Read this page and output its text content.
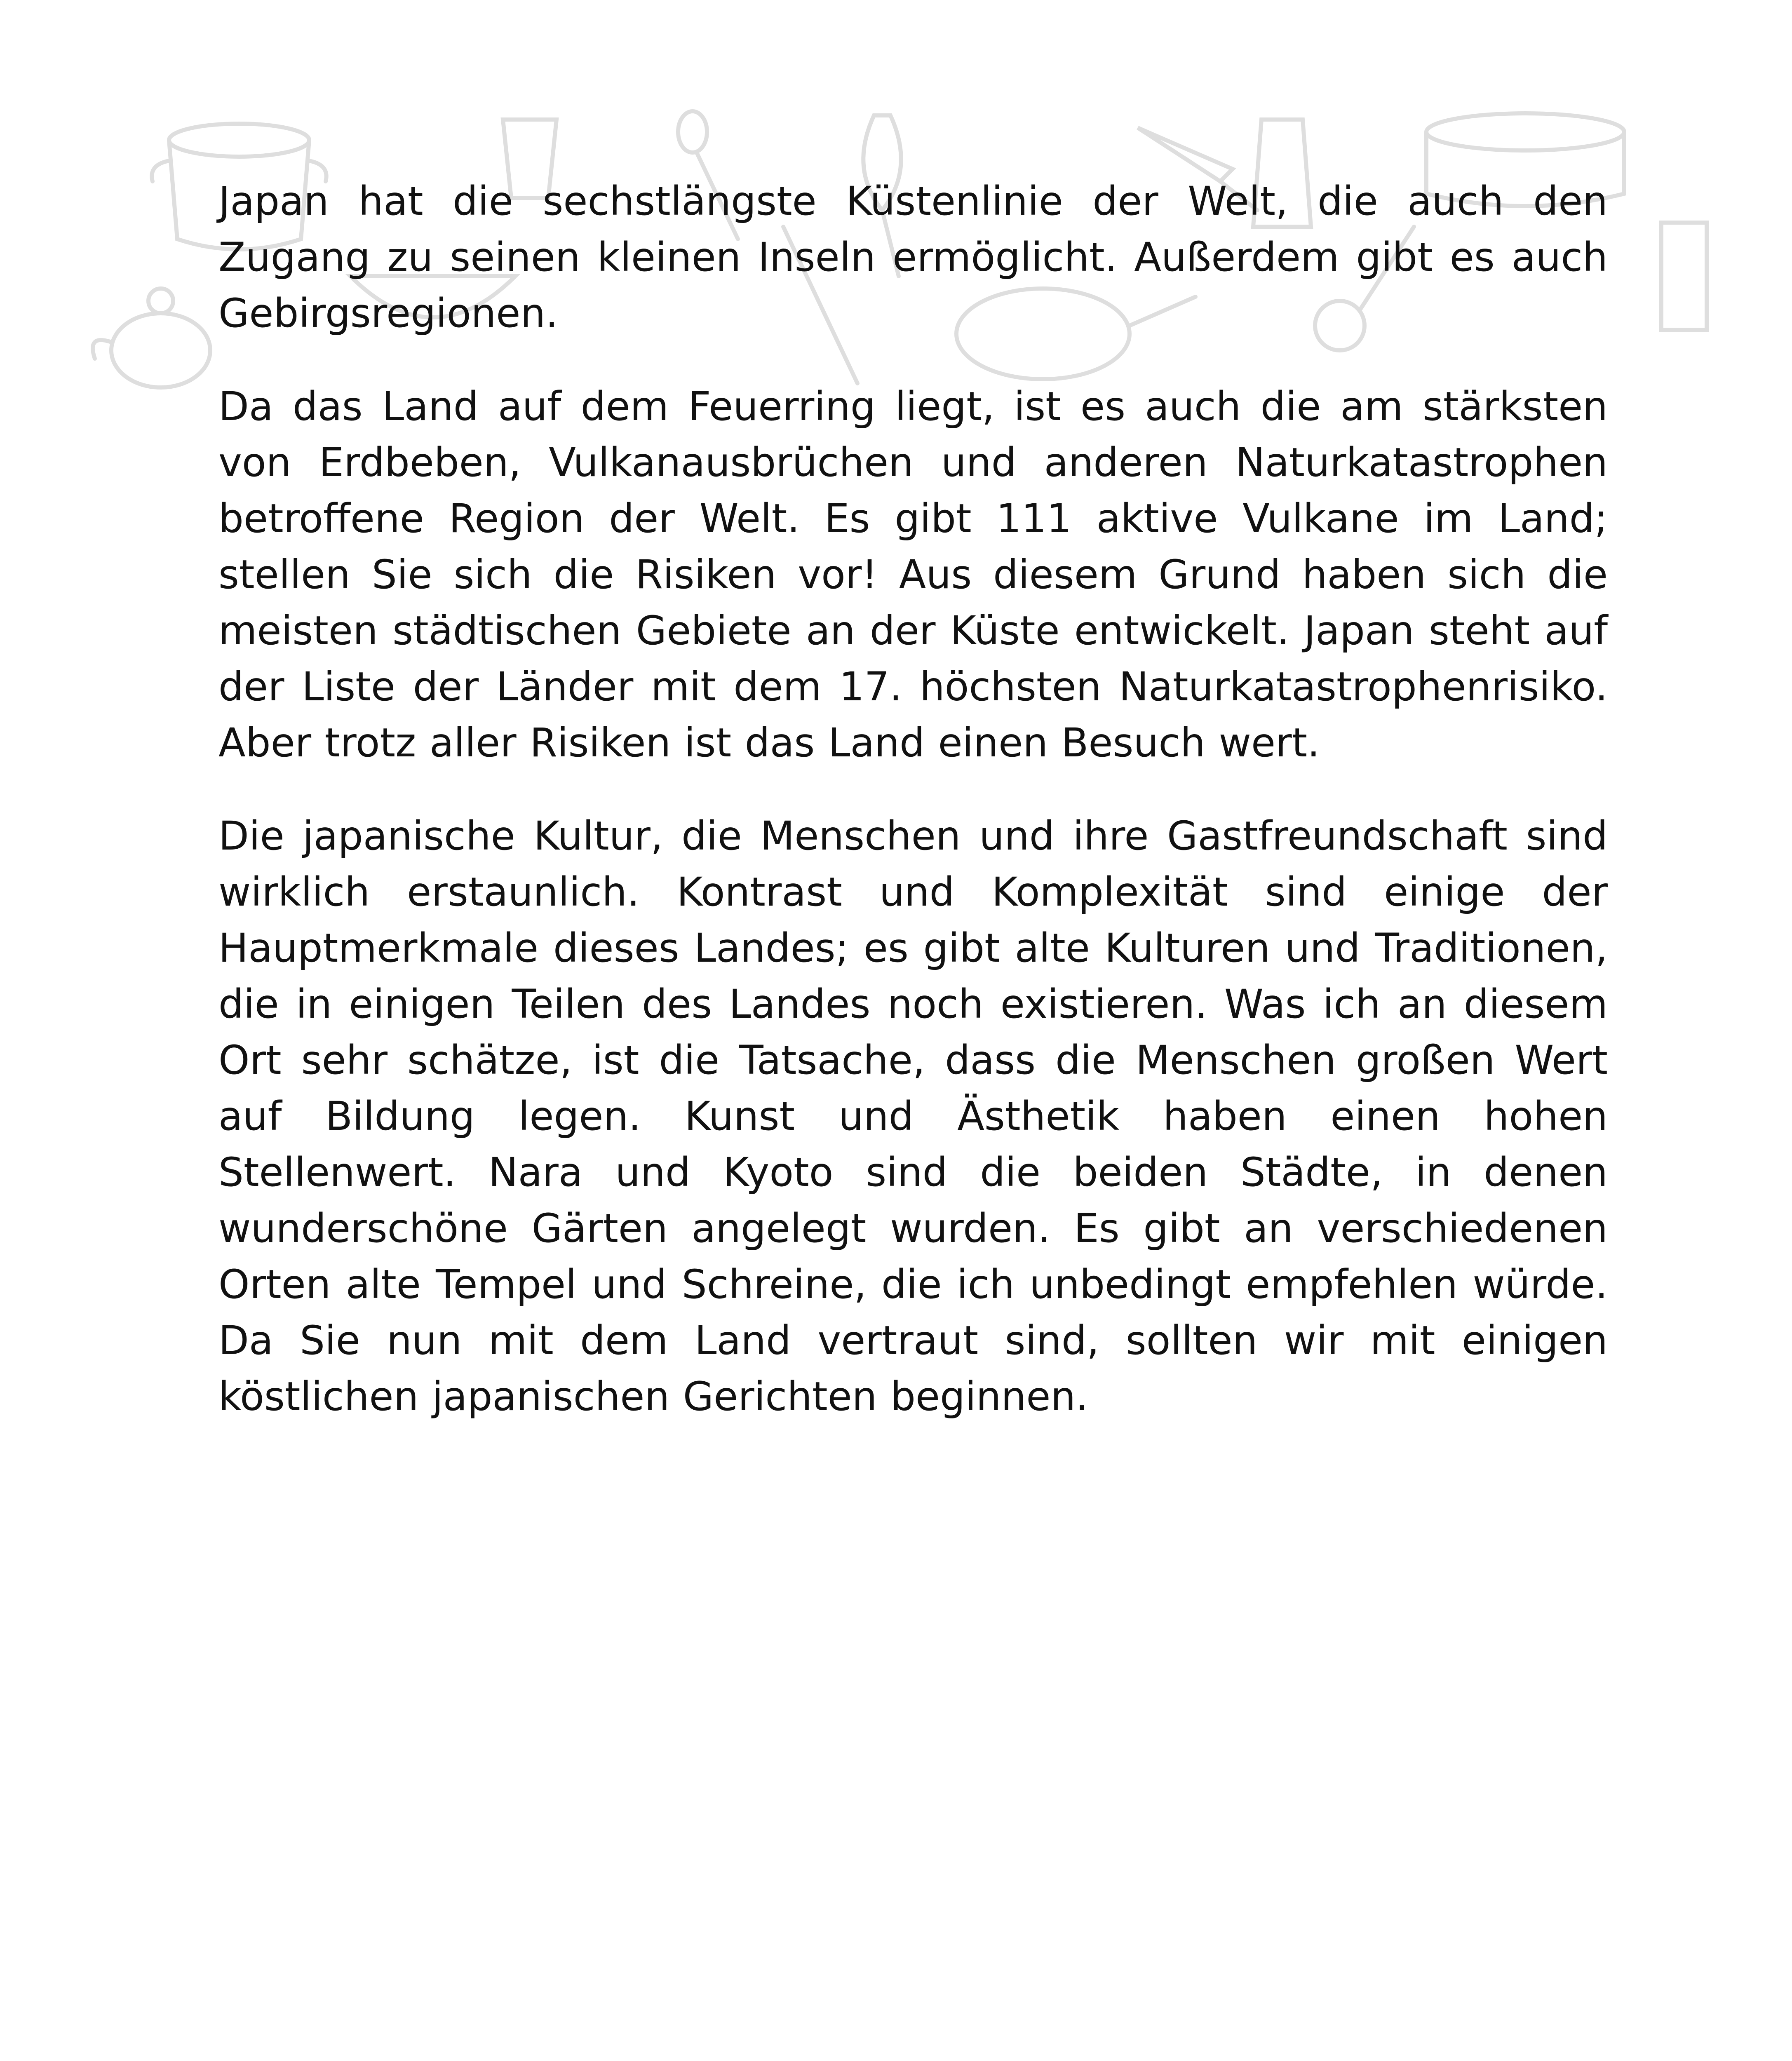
Japan hat die sechstlängste Küstenlinie der Welt, die auch den Zugang zu seinen kleinen Inseln ermöglicht. Außerdem gibt es auch Gebirgsregionen.

Da das Land auf dem Feuerring liegt, ist es auch die am stärksten von Erdbeben, Vulkanausbrüchen und anderen Naturkatastrophen betroffene Region der Welt. Es gibt 111 aktive Vulkane im Land; stellen Sie sich die Risiken vor! Aus diesem Grund haben sich die meisten städtischen Gebiete an der Küste entwickelt. Japan steht auf der Liste der Länder mit dem 17. höchsten Naturkatastrophenrisiko. Aber trotz aller Risiken ist das Land einen Besuch wert.

Die japanische Kultur, die Menschen und ihre Gastfreundschaft sind wirklich erstaunlich. Kontrast und Komplexität sind einige der Hauptmerkmale dieses Landes; es gibt alte Kulturen und Traditionen, die in einigen Teilen des Landes noch existieren. Was ich an diesem Ort sehr schätze, ist die Tatsache, dass die Menschen großen Wert auf Bildung legen. Kunst und Ästhetik haben einen hohen Stellenwert. Nara und Kyoto sind die beiden Städte, in denen wunderschöne Gärten angelegt wurden. Es gibt an verschiedenen Orten alte Tempel und Schreine, die ich unbedingt empfehlen würde. Da Sie nun mit dem Land vertraut sind, sollten wir mit einigen köstlichen japanischen Gerichten beginnen.
